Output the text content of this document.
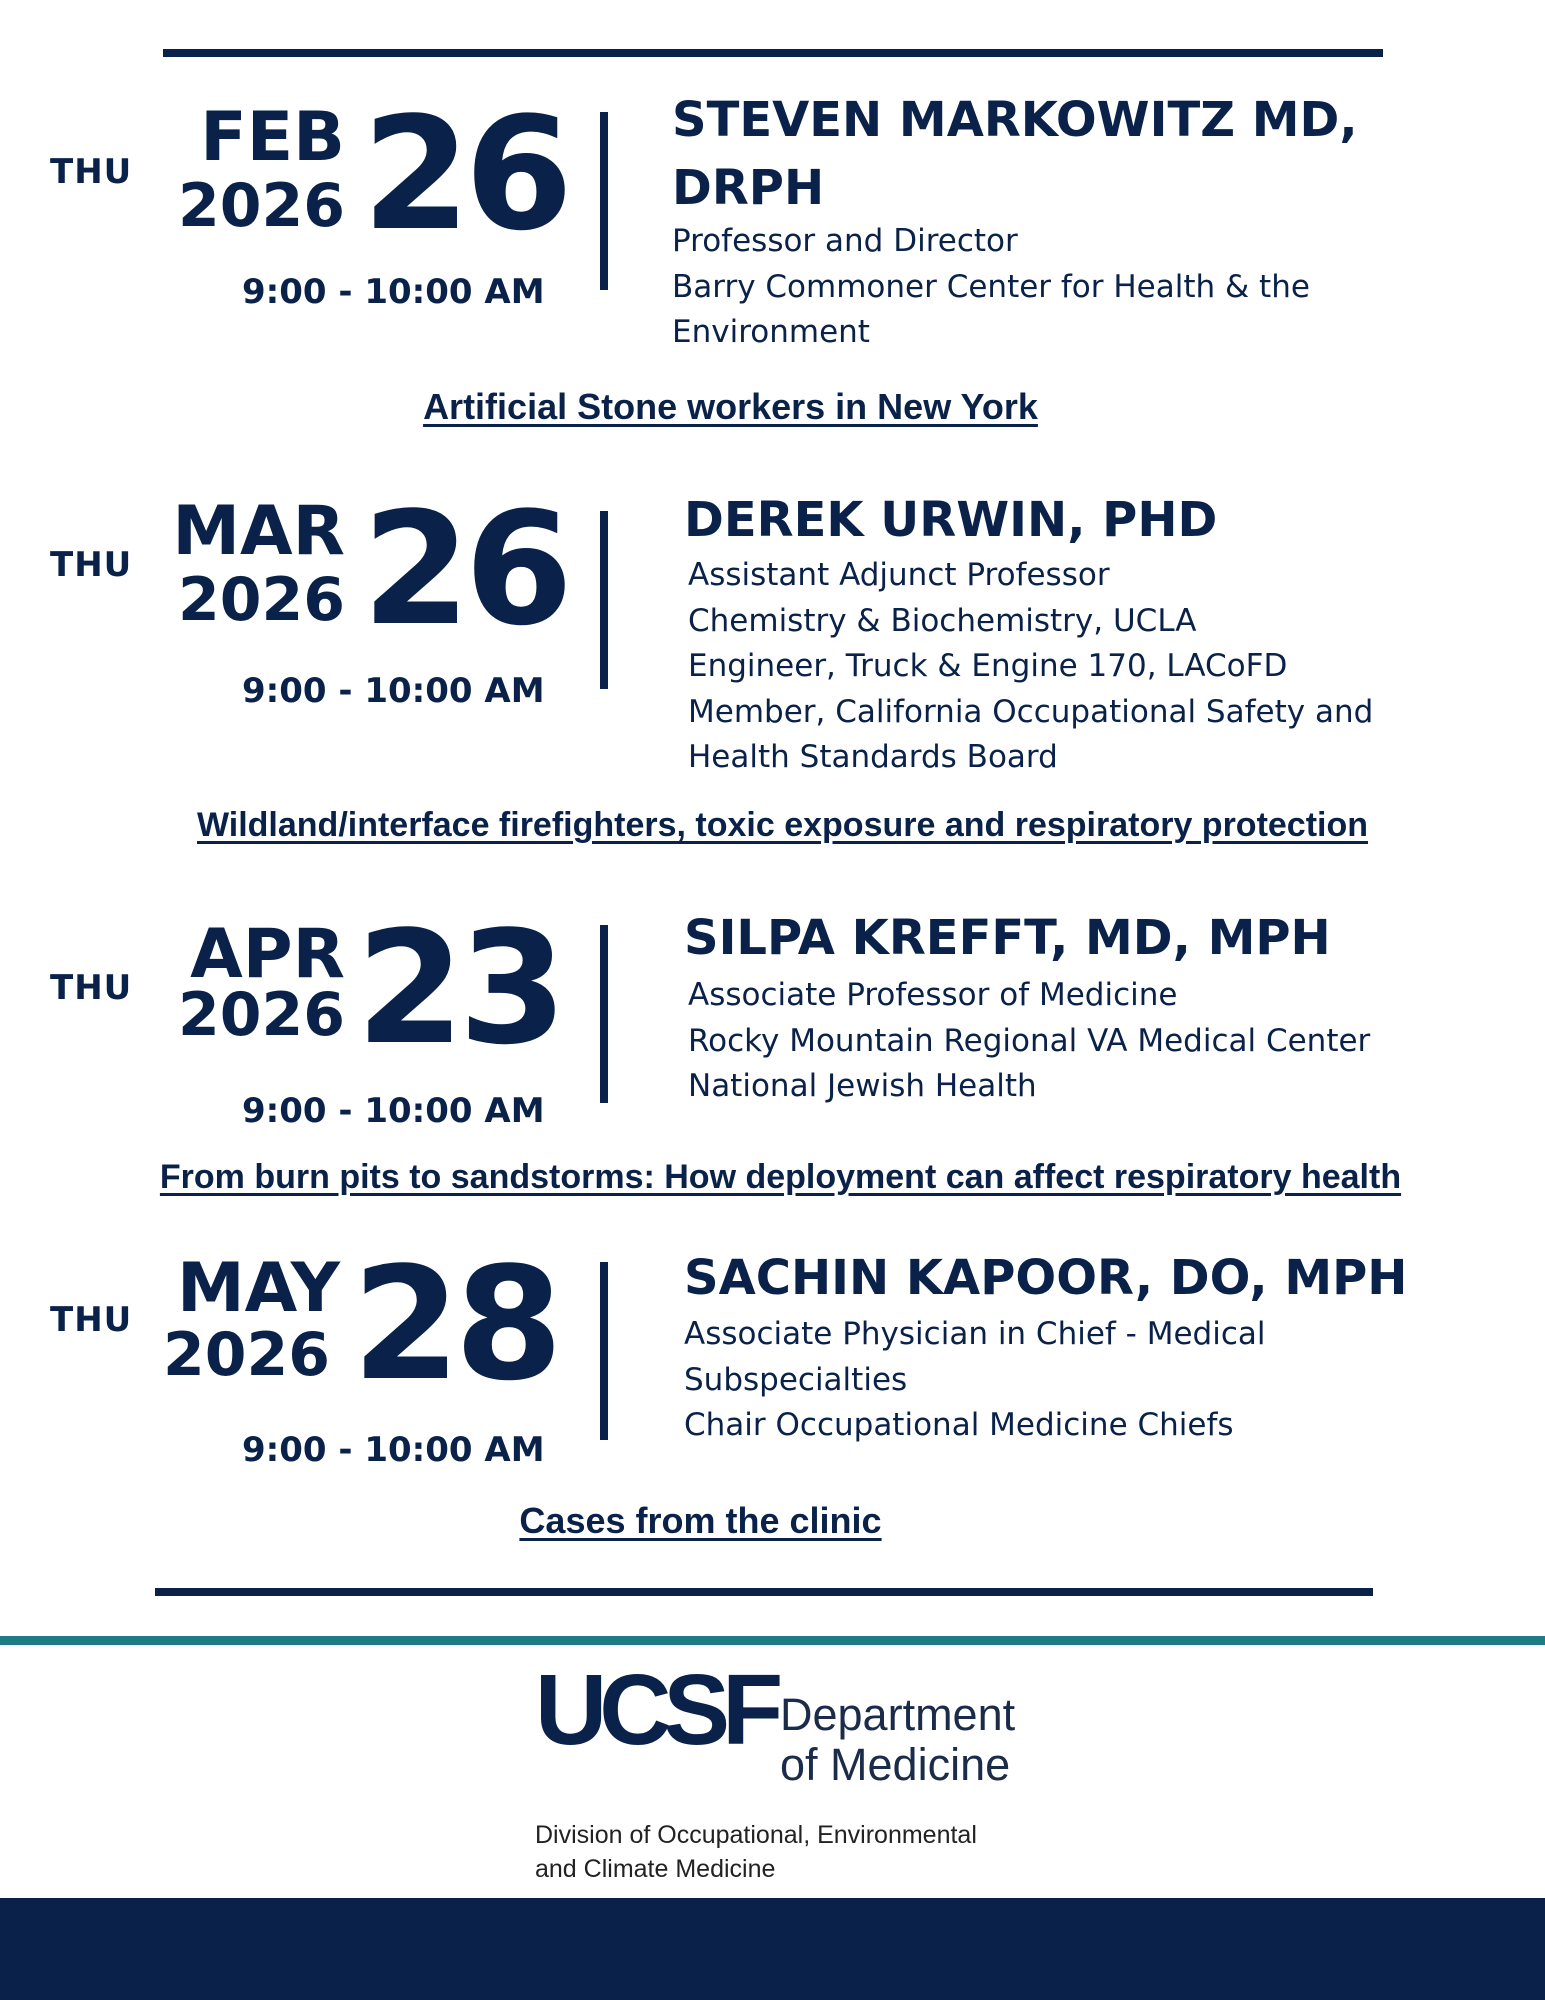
THU	FEB
2026 26
9:00 - 10:00 AM
STEVEN MARKOWITZ MD,
DRPH
Professor and Director
Barry Commoner Center for Health & the
Environment
Artificial Stone workers in New York
THU MAR
2026 26
9:00 - 10:00 AM
DEREK URWIN, PHD
Assistant Adjunct Professor
Chemistry & Biochemistry, UCLA
Engineer, Truck & Engine 170, LACoFD
Member, California Occupational Safety and
Health Standards Board
Wildland/interface firefighters, toxic exposure and respiratory protection
THU APR
2026 23
9:00 - 10:00 AM
SILPA KREFFT, MD, MPH
Associate Professor of Medicine
Rocky Mountain Regional VA Medical Center
National Jewish Health
From burn pits to sandstorms: How deployment can affect respiratory health
THU MAY
2026 28
9:00 - 10:00 AM
SACHIN KAPOOR, DO, MPH
Associate Physician in Chief - Medical
Subspecialties
Chair Occupational Medicine Chiefs
Cases from the clinic
UCSF Department
of Medicine
Division of Occupational, Environmental
and Climate Medicine
